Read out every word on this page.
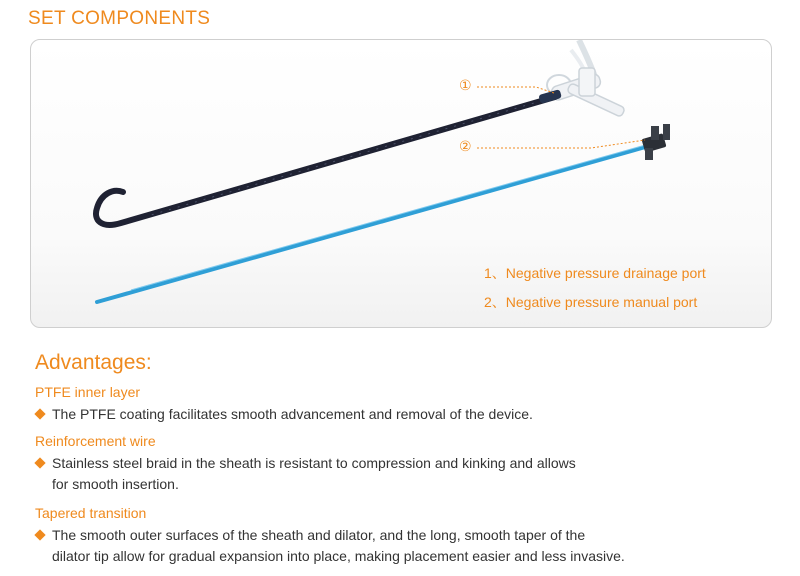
SET COMPONENTS
①
②
1、Negative pressure drainage port
2、Negative pressure manual port
Advantages:
PTFE inner layer
The PTFE coating facilitates smooth advancement and removal of the device.
Reinforcement wire
Stainless steel braid in the sheath is resistant to compression and kinking and allows
for smooth insertion.
Tapered transition
The smooth outer surfaces of the sheath and dilator, and the long, smooth taper of the
dilator tip allow for gradual expansion into place, making placement easier and less invasive.
